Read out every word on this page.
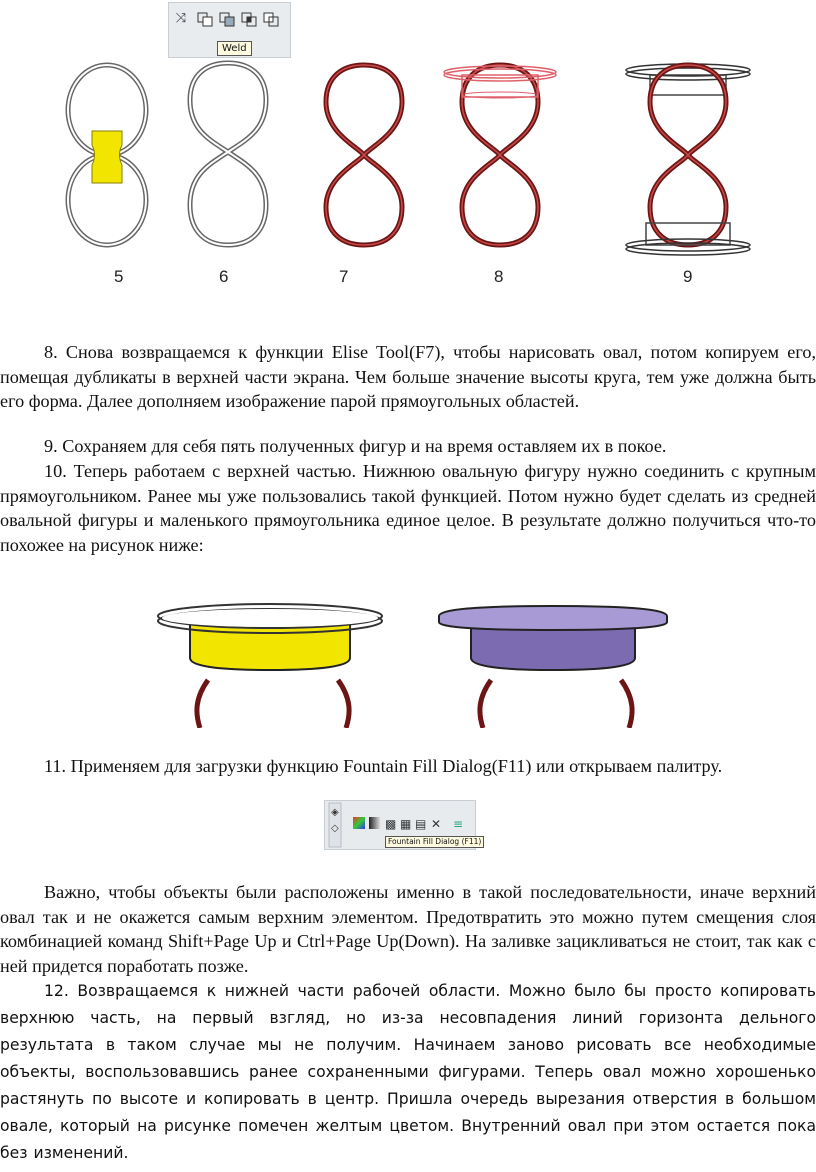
⤨
Weld
5	6	7	8	9
8. Снова возвращаемся к функции Elise Tool(F7), чтобы нарисовать овал, потом копируем его, помещая дубликаты в верхней части экрана. Чем больше значение высоты круга, тем уже должна быть его форма. Далее дополняем изображение парой прямоугольных областей.
9. Сохраняем для себя пять полученных фигур и на время оставляем их в покое.
10. Теперь работаем с верхней частью. Нижнюю овальную фигуру нужно соединить с крупным прямоугольником. Ранее мы уже пользовались такой функцией. Потом нужно будет сделать из средней овальной фигуры и маленького прямоугольника единое целое. В результате должно получиться что-то похожее на рисунок ниже:
11. Применяем для загрузки функцию Fountain Fill Dialog(F11) или открываем палитру.
◈
◇	▩ ▦ ▤ ✕ ≡
Fountain Fill Dialog (F11)
Важно, чтобы объекты были расположены именно в такой последовательности, иначе верхний овал так и не окажется самым верхним элементом. Предотвратить это можно путем смещения слоя комбинацией команд Shift+Page Up и Ctrl+Page Up(Down). На заливке зацикливаться не стоит, так как с ней придется поработать позже.
12. Возвращаемся к нижней части рабочей области. Можно было бы просто копировать верхнюю часть, на первый взгляд, но из-за несовпадения линий горизонта дельного результата в таком случае мы не получим. Начинаем заново рисовать все необходимые объекты, воспользовавшись ранее сохраненными фигурами. Теперь овал можно хорошенько растянуть по высоте и копировать в центр. Пришла очередь вырезания отверстия в большом овале, который на рисунке помечен желтым цветом. Внутренний овал при этом остается пока без изменений.
